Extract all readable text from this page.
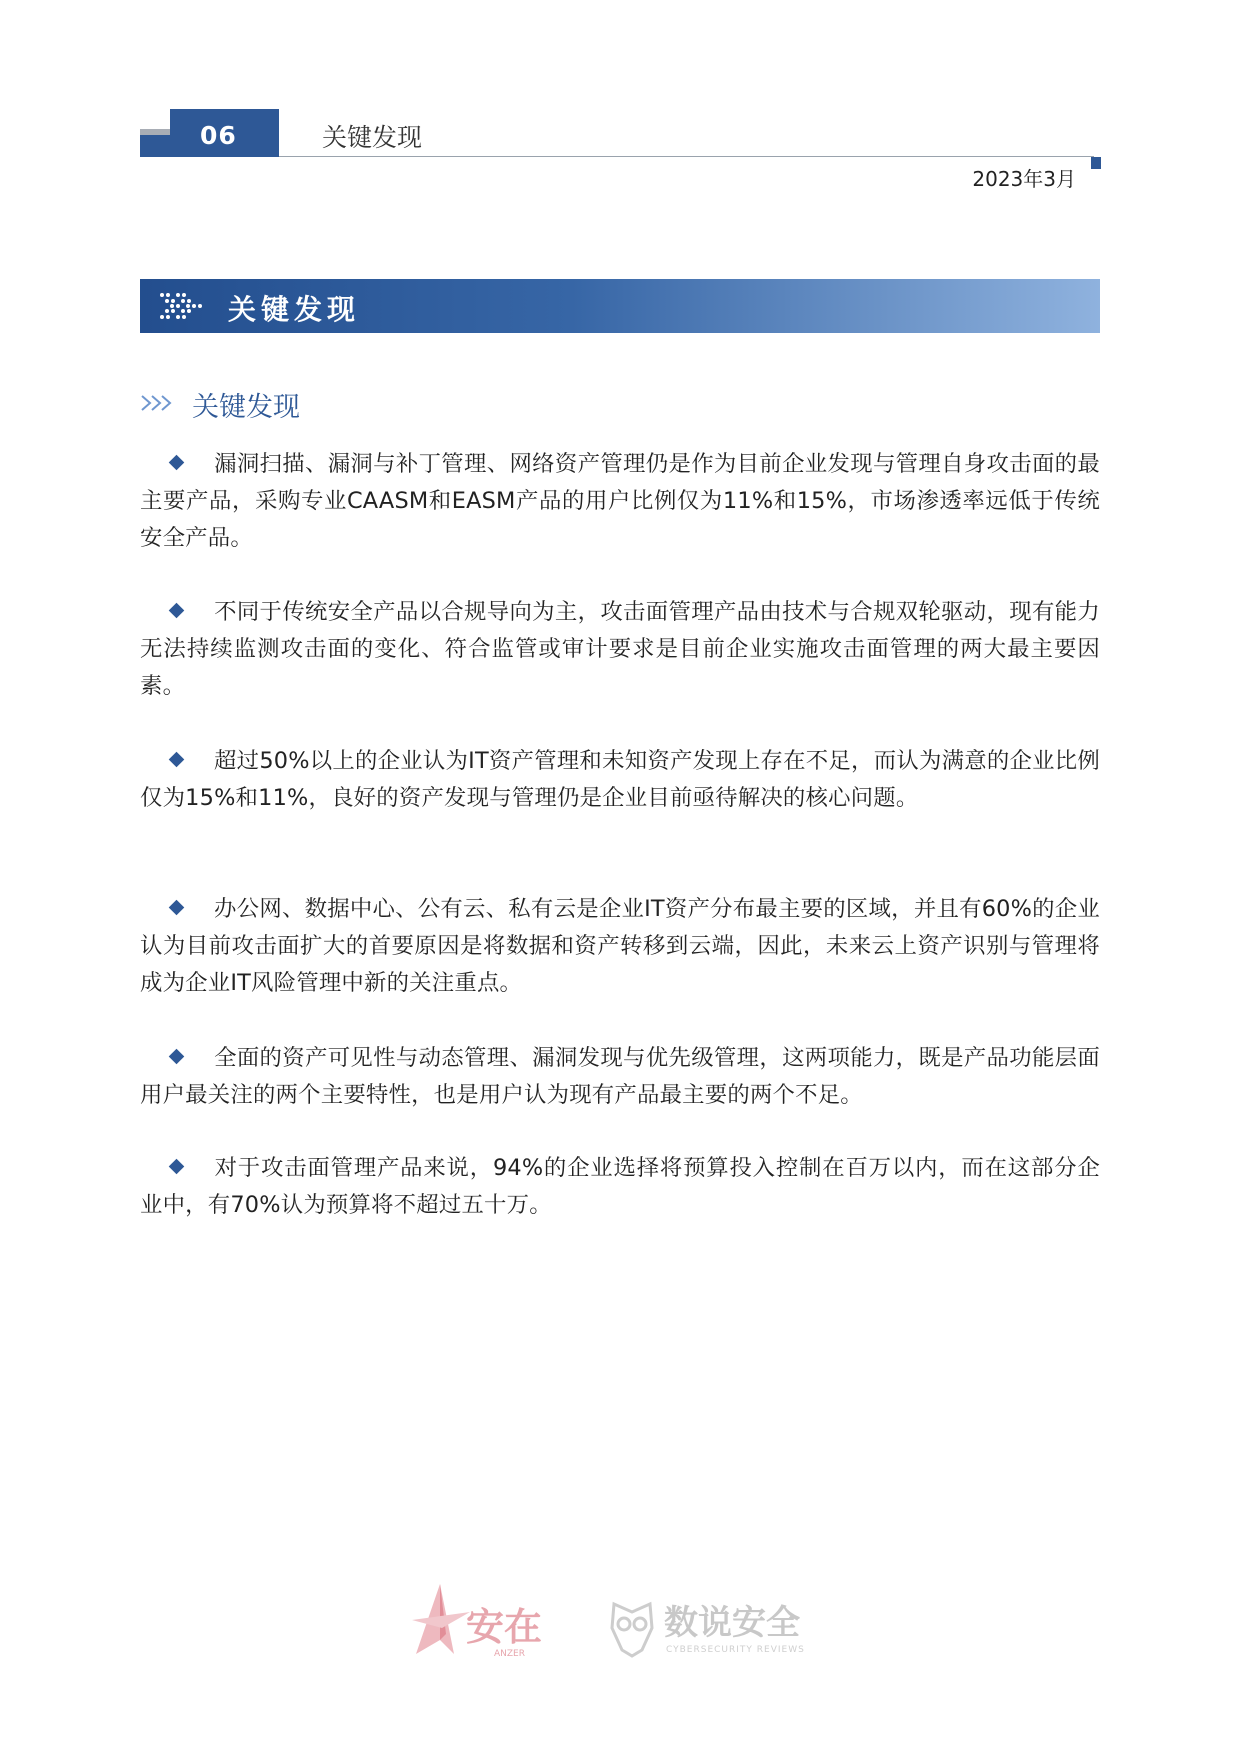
06	关键发现
2023年3月
关键发现
关键发现
漏洞扫描、漏洞与补丁管理、网络资产管理仍是作为目前企业发现与管理自身攻击面的最主要产品，采购专业CAASM和EASM产品的用户比例仅为11%和15%，市场渗透率远低于传统安全产品。
不同于传统安全产品以合规导向为主，攻击面管理产品由技术与合规双轮驱动，现有能力无法持续监测攻击面的变化、符合监管或审计要求是目前企业实施攻击面管理的两大最主要因素。
超过50%以上的企业认为IT资产管理和未知资产发现上存在不足，而认为满意的企业比例仅为15%和11%，良好的资产发现与管理仍是企业目前亟待解决的核心问题。
办公网、数据中心、公有云、私有云是企业IT资产分布最主要的区域，并且有60%的企业认为目前攻击面扩大的首要原因是将数据和资产转移到云端，因此，未来云上资产识别与管理将成为企业IT风险管理中新的关注重点。
全面的资产可见性与动态管理、漏洞发现与优先级管理，这两项能力，既是产品功能层面用户最关注的两个主要特性，也是用户认为现有产品最主要的两个不足。
对于攻击面管理产品来说，94%的企业选择将预算投入控制在百万以内，而在这部分企业中，有70%认为预算将不超过五十万。
安在
ANZER
数说安全
CYBERSECURITY REVIEWS
